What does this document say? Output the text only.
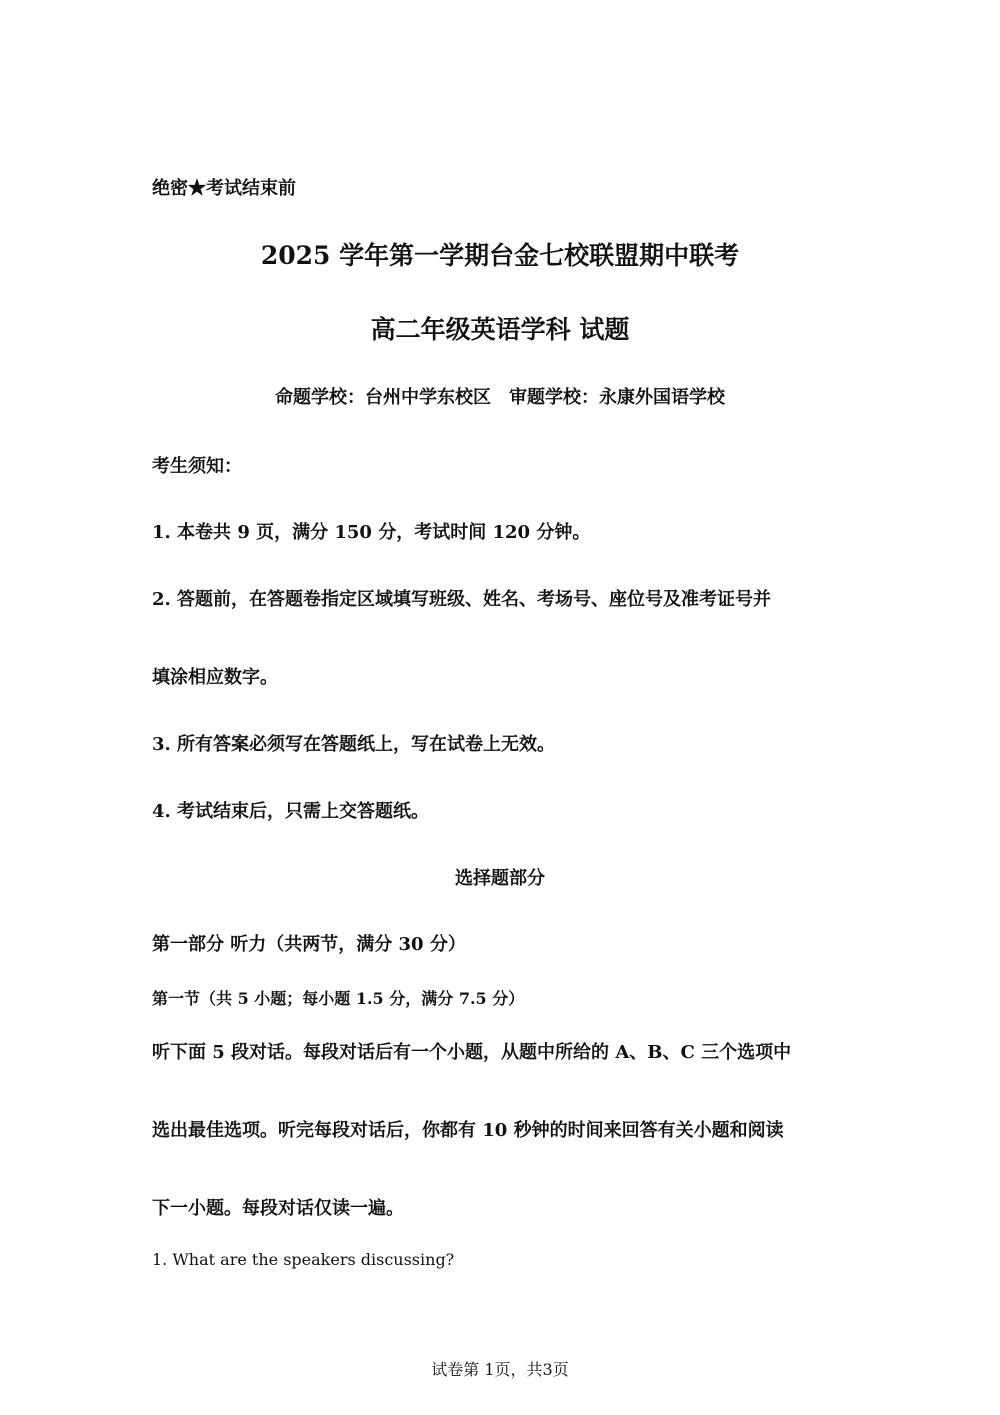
绝密★考试结束前
2025 学年第一学期台金七校联盟期中联考
高二年级英语学科 试题
命题学校：台州中学东校区　审题学校：永康外国语学校
考生须知：
1. 本卷共 9 页，满分 150 分，考试时间 120 分钟。
2. 答题前，在答题卷指定区域填写班级、姓名、考场号、座位号及准考证号并
填涂相应数字。
3. 所有答案必须写在答题纸上，写在试卷上无效。
4. 考试结束后，只需上交答题纸。
选择题部分
第一部分 听力（共两节，满分 30 分）
第一节（共 5 小题；每小题 1.5 分，满分 7.5 分）
听下面 5 段对话。每段对话后有一个小题，从题中所给的 A、B、C 三个选项中
选出最佳选项。听完每段对话后，你都有 10 秒钟的时间来回答有关小题和阅读
下一小题。每段对话仅读一遍。
1. What are the speakers discussing?
试卷第 1页，共3页
